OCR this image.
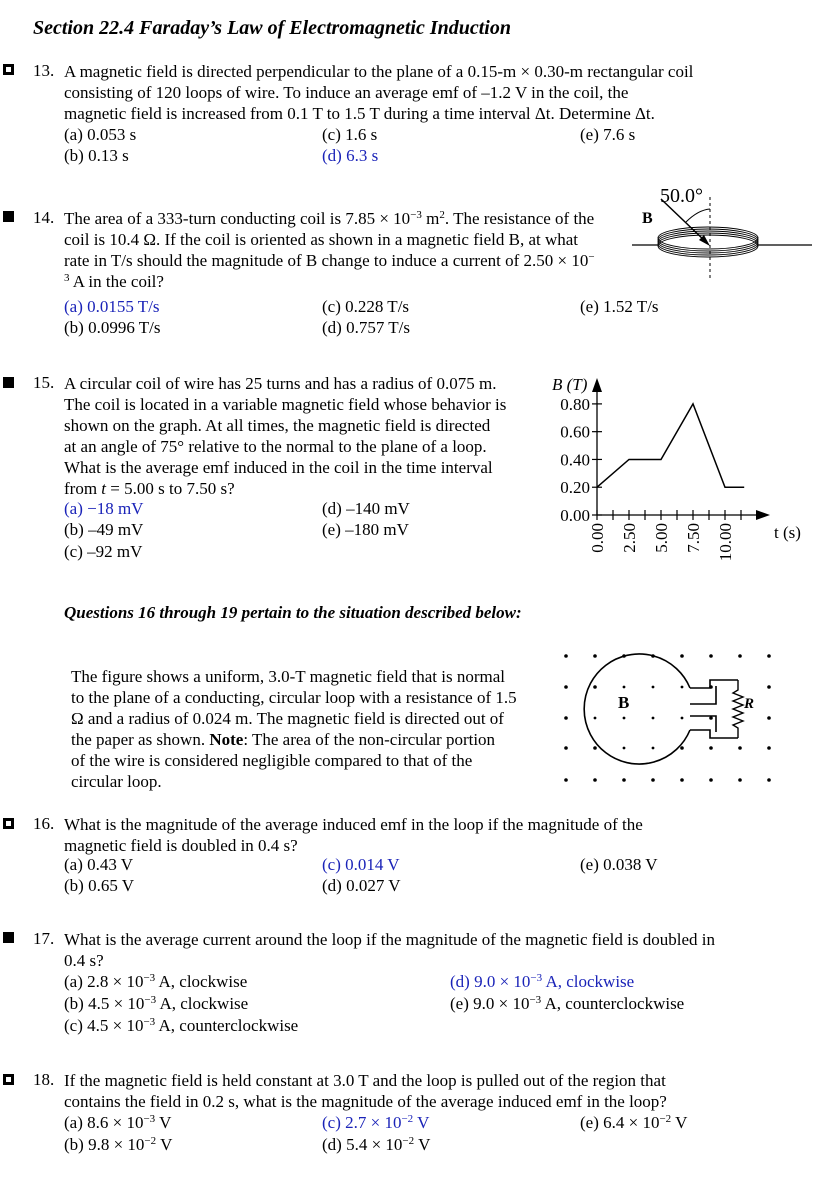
Section 22.4 Faraday’s Law of Electromagnetic Induction
13. A magnetic field is directed perpendicular to the plane of a 0.15-m × 0.30-m rectangular coil
consisting of 120 loops of wire. To induce an average emf of –1.2 V in the coil, the
magnetic field is increased from 0.1 T to 1.5 T during a time interval Δt. Determine Δt.
(a) 0.053 s
(b) 0.13 s
(c) 1.6 s
(d) 6.3 s
(e) 7.6 s
14. The area of a 333-turn conducting coil is $7.85 \times 10^{-3}$ $m^2$. The resistance of the
coil is 10.4 Ω. If the coil is oriented as shown in a magnetic field B, at what
rate in T/s should the magnitude of B change to induce a current of 2.50 × 10−
$^3$ A in the coil?
(a) 0.0155 T/s
(b) 0.0996 T/s
(c) 0.228 T/s
(d) 0.757 T/s
(e) 1.52 T/s
50.0°
B
15. A circular coil of wire has 25 turns and has a radius of 0.075 m.
The coil is located in a variable magnetic field whose behavior is
shown on the graph. At all times, the magnetic field is directed
at an angle of 75° relative to the normal to the plane of a loop.
What is the average emf induced in the coil in the time interval
from t = 5.00 s to 7.50 s?
(a) −18 mV
(b) –49 mV
(c) –92 mV
(d) –140 mV
(e) –180 mV
B (T)
t (s)
0.00
0.20
0.40
0.60
0.80
0.00 2.50 5.00 7.50 10.00
Questions 16 through 19 pertain to the situation described below:
The figure shows a uniform, 3.0-T magnetic field that is normal
to the plane of a conducting, circular loop with a resistance of 1.5
Ω and a radius of 0.024 m. The magnetic field is directed out of
the paper as shown. Note: The area of the non-circular portion
of the wire is considered negligible compared to that of the
circular loop.
B	R
16. What is the magnitude of the average induced emf in the loop if the magnitude of the
magnetic field is doubled in 0.4 s?
(a) 0.43 V
(b) 0.65 V
(c) 0.014 V
(d) 0.027 V
(e) 0.038 V
17. What is the average current around the loop if the magnitude of the magnetic field is doubled in
0.4 s?
(a) $2.8 \times 10^{-3}$ A, clockwise
(b) $4.5 \times 10^{-3}$ A, clockwise
(c) $4.5 \times 10^{-3}$ A, counterclockwise
(d) $9.0 \times 10^{-3}$ A, clockwise
(e) $9.0 \times 10^{-3}$ A, counterclockwise
18. If the magnetic field is held constant at 3.0 T and the loop is pulled out of the region that
contains the field in 0.2 s, what is the magnitude of the average induced emf in the loop?
(a) $8.6 \times 10^{-3}$ V
(b) $9.8 \times 10^{-2}$ V
(c) $2.7 \times 10^{-2}$ V
(d) $5.4 \times 10^{-2}$ V
(e) $6.4 \times 10^{-2}$ V
